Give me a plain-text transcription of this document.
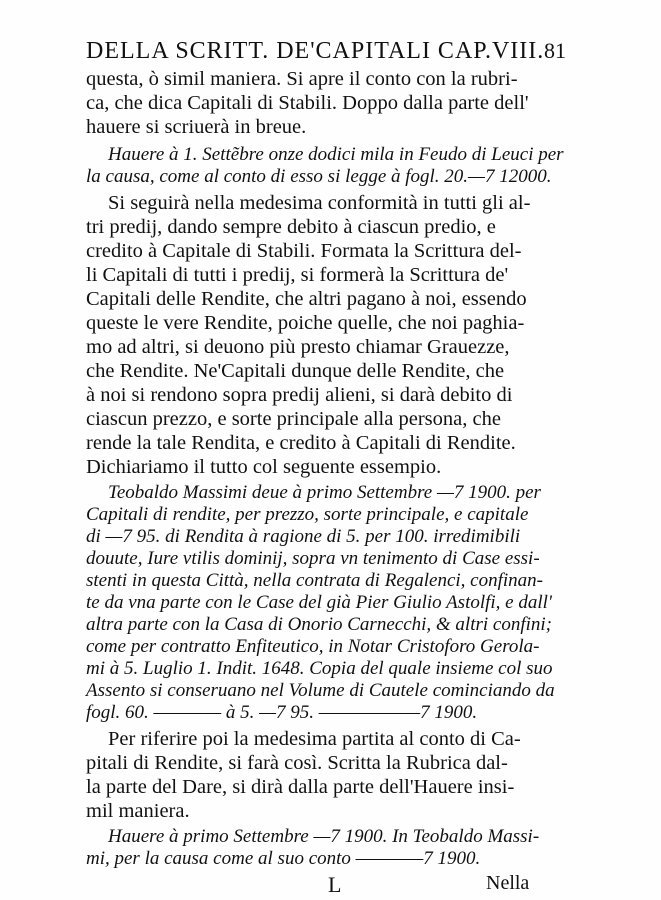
DELLA SCRITT. DE'CAPITALI CAP.VIII. 81
questa, ò simil maniera. Si apre il conto con la rubri-
ca, che dica Capitali di Stabili. Doppo dalla parte dell'
hauere si scriuerà in breue.
Hauere à 1. Settẽbre onze dodici mila in Feudo di Leuci per
la causa, come al conto di esso si legge à fogl. 20.—7 12000.
Si seguirà nella medesima conformità in tutti gli al-
tri predij, dando sempre debito à ciascun predio, e
credito à Capitale di Stabili. Formata la Scrittura del-
li Capitali di tutti i predij, si formerà la Scrittura de'
Capitali delle Rendite, che altri pagano à noi, essendo
queste le vere Rendite, poiche quelle, che noi paghia-
mo ad altri, si deuono più presto chiamar Grauezze,
che Rendite. Ne'Capitali dunque delle Rendite, che
à noi si rendono sopra predij alieni, si darà debito di
ciascun prezzo, e sorte principale alla persona, che
rende la tale Rendita, e credito à Capitali di Rendite.
Dichiariamo il tutto col seguente essempio.
Teobaldo Massimi deue à primo Settembre —7 1900. per
Capitali di rendite, per prezzo, sorte principale, e capitale
di —7 95. di Rendita à ragione di 5. per 100. irredimibili
douute, Iure vtilis dominij, sopra vn tenimento di Case essi-
stenti in questa Città, nella contrata di Regalenci, confinan-
te da vna parte con le Case del già Pier Giulio Astolfi, e dall'
altra parte con la Casa di Onorio Carnecchi, & altri confini;
come per contratto Enfiteutico, in Notar Cristoforo Gerola-
mi à 5. Luglio 1. Indit. 1648. Copia del quale insieme col suo
Assento si conseruano nel Volume di Cautele cominciando da
fogl. 60. ———— à 5. —7 95. ——————7 1900.
Per riferire poi la medesima partita al conto di Ca-
pitali di Rendite, si farà così. Scritta la Rubrica dal-
la parte del Dare, si dirà dalla parte dell'Hauere insi-
mil maniera.
Hauere à primo Settembre —7 1900. In Teobaldo Massi-
mi, per la causa come al suo conto ————7 1900.
L	Nella
